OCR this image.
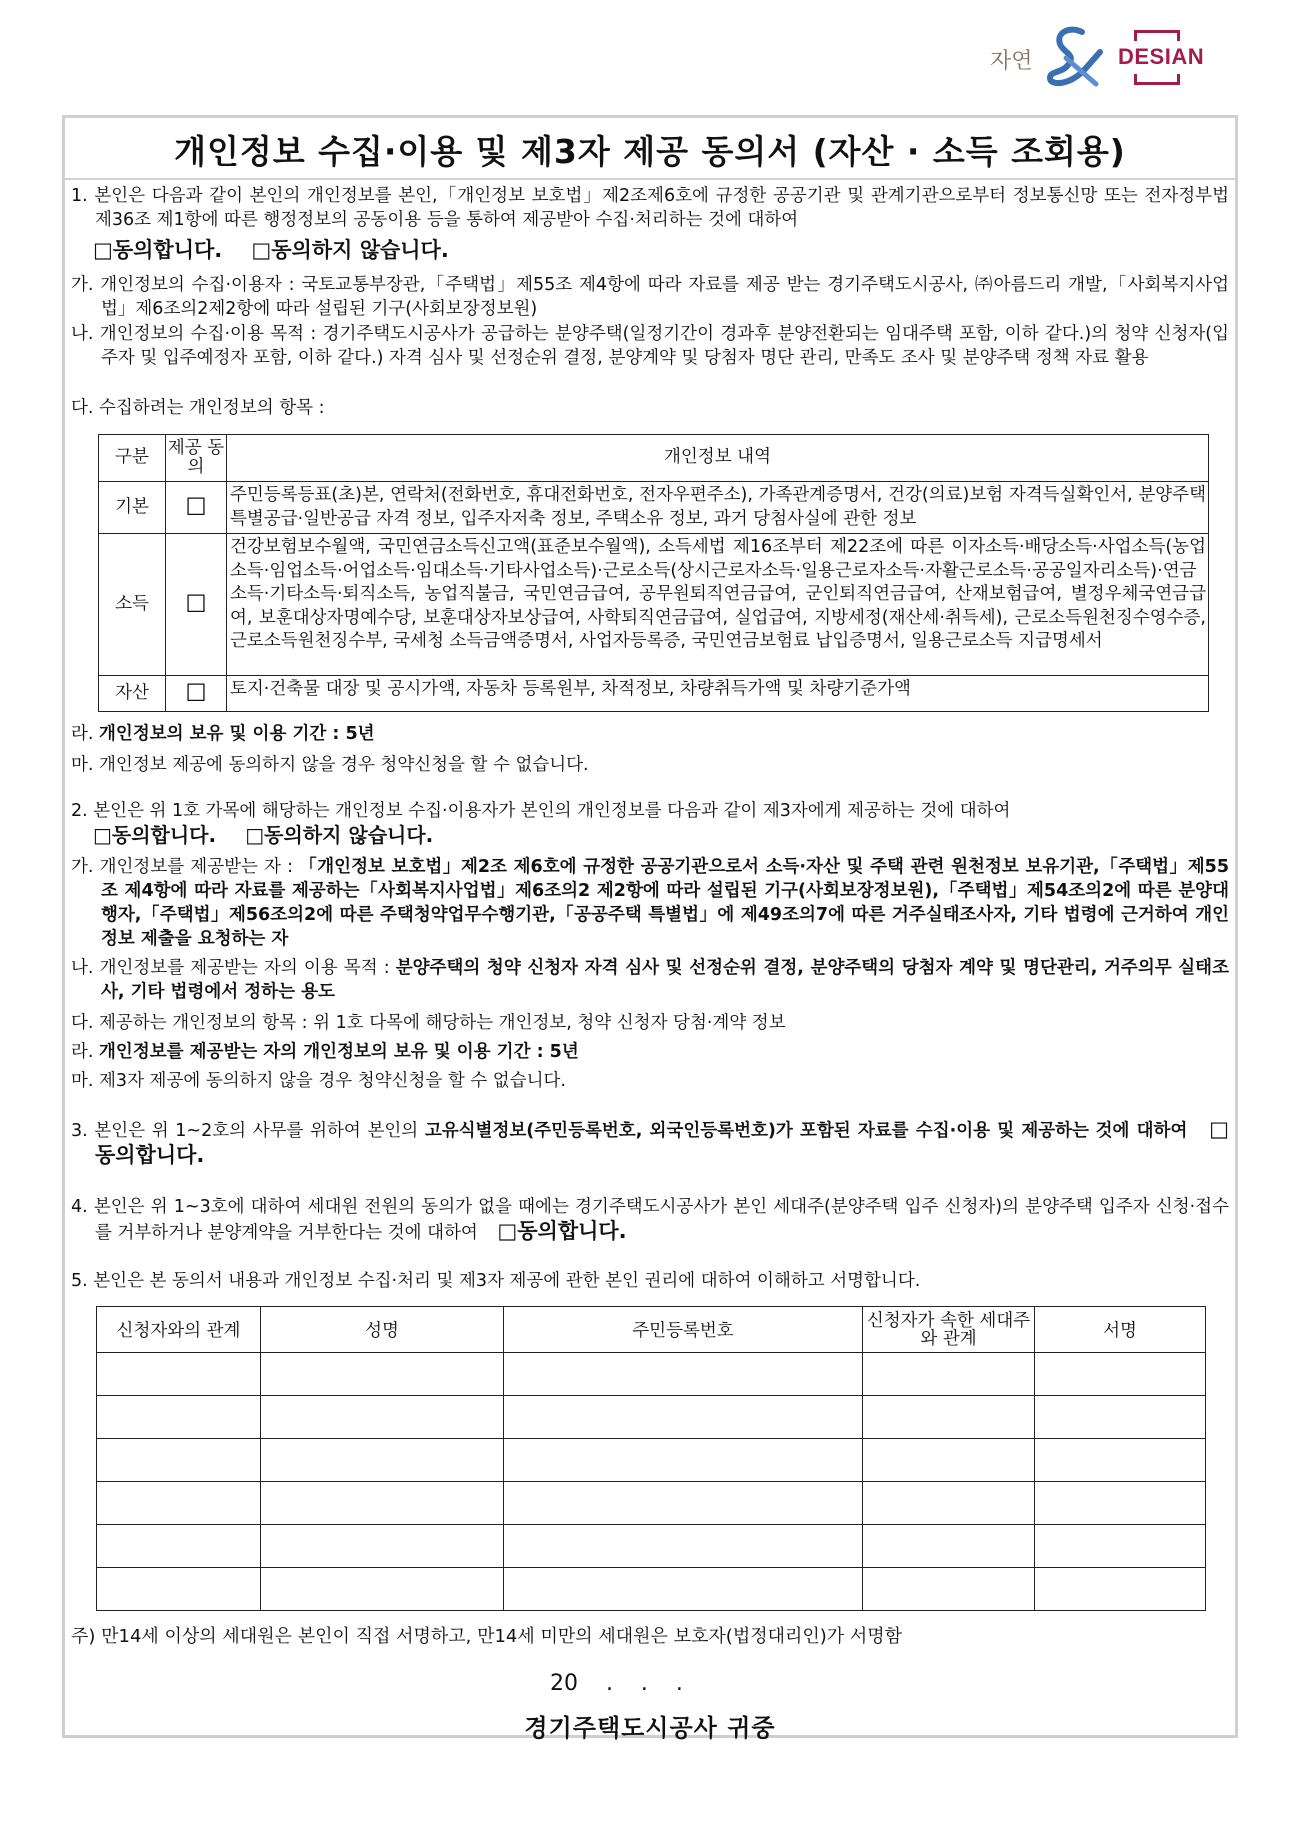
자연	DESIAN
개인정보 수집·이용 및 제3자 제공 동의서 (자산 · 소득 조회용)
1. 본인은 다음과 같이 본인의 개인정보를 본인,「개인정보 보호법」제2조제6호에 규정한 공공기관 및 관계기관으로부터 정보통신망 또는 전자정부법 제36조 제1항에 따른 행정정보의 공동이용 등을 통하여 제공받아 수집·처리하는 것에 대하여
□동의합니다. □동의하지 않습니다.
가. 개인정보의 수집·이용자 : 국토교통부장관,「주택법」제55조 제4항에 따라 자료를 제공 받는 경기주택도시공사, ㈜아름드리 개발,「사회복지사업법」제6조의2제2항에 따라 설립된 기구(사회보장정보원)
나. 개인정보의 수집·이용 목적 : 경기주택도시공사가 공급하는 분양주택(일정기간이 경과후 분양전환되는 임대주택 포함, 이하 같다.)의 청약 신청자(입주자 및 입주예정자 포함, 이하 같다.) 자격 심사 및 선정순위 결정, 분양계약 및 당첨자 명단 관리, 만족도 조사 및 분양주택 정책 자료 활용
다. 수집하려는 개인정보의 항목 :
구분	제공 동의	개인정보 내역
기본	☐	주민등록등표(초)본, 연락처(전화번호, 휴대전화번호, 전자우편주소), 가족관계증명서, 건강(의료)보험 자격득실확인서, 분양주택 특별공급·일반공급 자격 정보, 입주자저축 정보, 주택소유 정보, 과거 당첨사실에 관한 정보
소득	☐	건강보험보수월액, 국민연금소득신고액(표준보수월액), 소득세법 제16조부터 제22조에 따른 이자소득·배당소득·사업소득(농업소득·임업소득·어업소득·임대소득·기타사업소득)·근로소득(상시근로자소득·일용근로자소득·자활근로소득·공공일자리소득)·연금소득·기타소득·퇴직소득, 농업직불금, 국민연금급여, 공무원퇴직연금급여, 군인퇴직연금급여, 산재보험급여, 별정우체국연금급여, 보훈대상자명예수당, 보훈대상자보상급여, 사학퇴직연금급여, 실업급여, 지방세정(재산세·취득세), 근로소득원천징수영수증, 근로소득원천징수부, 국세청 소득금액증명서, 사업자등록증, 국민연금보험료 납입증명서, 일용근로소득 지급명세서
자산	☐	토지·건축물 대장 및 공시가액, 자동차 등록원부, 차적정보, 차량취득가액 및 차량기준가액
라. 개인정보의 보유 및 이용 기간 : 5년
마. 개인정보 제공에 동의하지 않을 경우 청약신청을 할 수 없습니다.
2. 본인은 위 1호 가목에 해당하는 개인정보 수집·이용자가 본인의 개인정보를 다음과 같이 제3자에게 제공하는 것에 대하여
□동의합니다. □동의하지 않습니다.
가. 개인정보를 제공받는 자 : 「개인정보 보호법」제2조 제6호에 규정한 공공기관으로서 소득·자산 및 주택 관련 원천정보 보유기관,「주택법」제55조 제4항에 따라 자료를 제공하는「사회복지사업법」제6조의2 제2항에 따라 설립된 기구(사회보장정보원),「주택법」제54조의2에 따른 분양대행자,「주택법」제56조의2에 따른 주택청약업무수행기관,「공공주택 특별법」에 제49조의7에 따른 거주실태조사자, 기타 법령에 근거하여 개인정보 제출을 요청하는 자
나. 개인정보를 제공받는 자의 이용 목적 : 분양주택의 청약 신청자 자격 심사 및 선정순위 결정, 분양주택의 당첨자 계약 및 명단관리, 거주의무 실태조사, 기타 법령에서 정하는 용도
다. 제공하는 개인정보의 항목 : 위 1호 다목에 해당하는 개인정보, 청약 신청자 당첨·계약 정보
라. 개인정보를 제공받는 자의 개인정보의 보유 및 이용 기간 : 5년
마. 제3자 제공에 동의하지 않을 경우 청약신청을 할 수 없습니다.
3. 본인은 위 1~2호의 사무를 위하여 본인의 고유식별정보(주민등록번호, 외국인등록번호)가 포함된 자료를 수집·이용 및 제공하는 것에 대하여 □동의합니다.
4. 본인은 위 1~3호에 대하여 세대원 전원의 동의가 없을 때에는 경기주택도시공사가 본인 세대주(분양주택 입주 신청자)의 분양주택 입주자 신청·접수를 거부하거나 분양계약을 거부한다는 것에 대하여 □동의합니다.
5. 본인은 본 동의서 내용과 개인정보 수집·처리 및 제3자 제공에 관한 본인 권리에 대하여 이해하고 서명합니다.
신청자와의 관계	성명	주민등록번호	신청자가 속한 세대주와 관계	서명

주) 만14세 이상의 세대원은 본인이 직접 서명하고, 만14세 미만의 세대원은 보호자(법정대리인)가 서명함
20    .    .    .
경기주택도시공사 귀중
